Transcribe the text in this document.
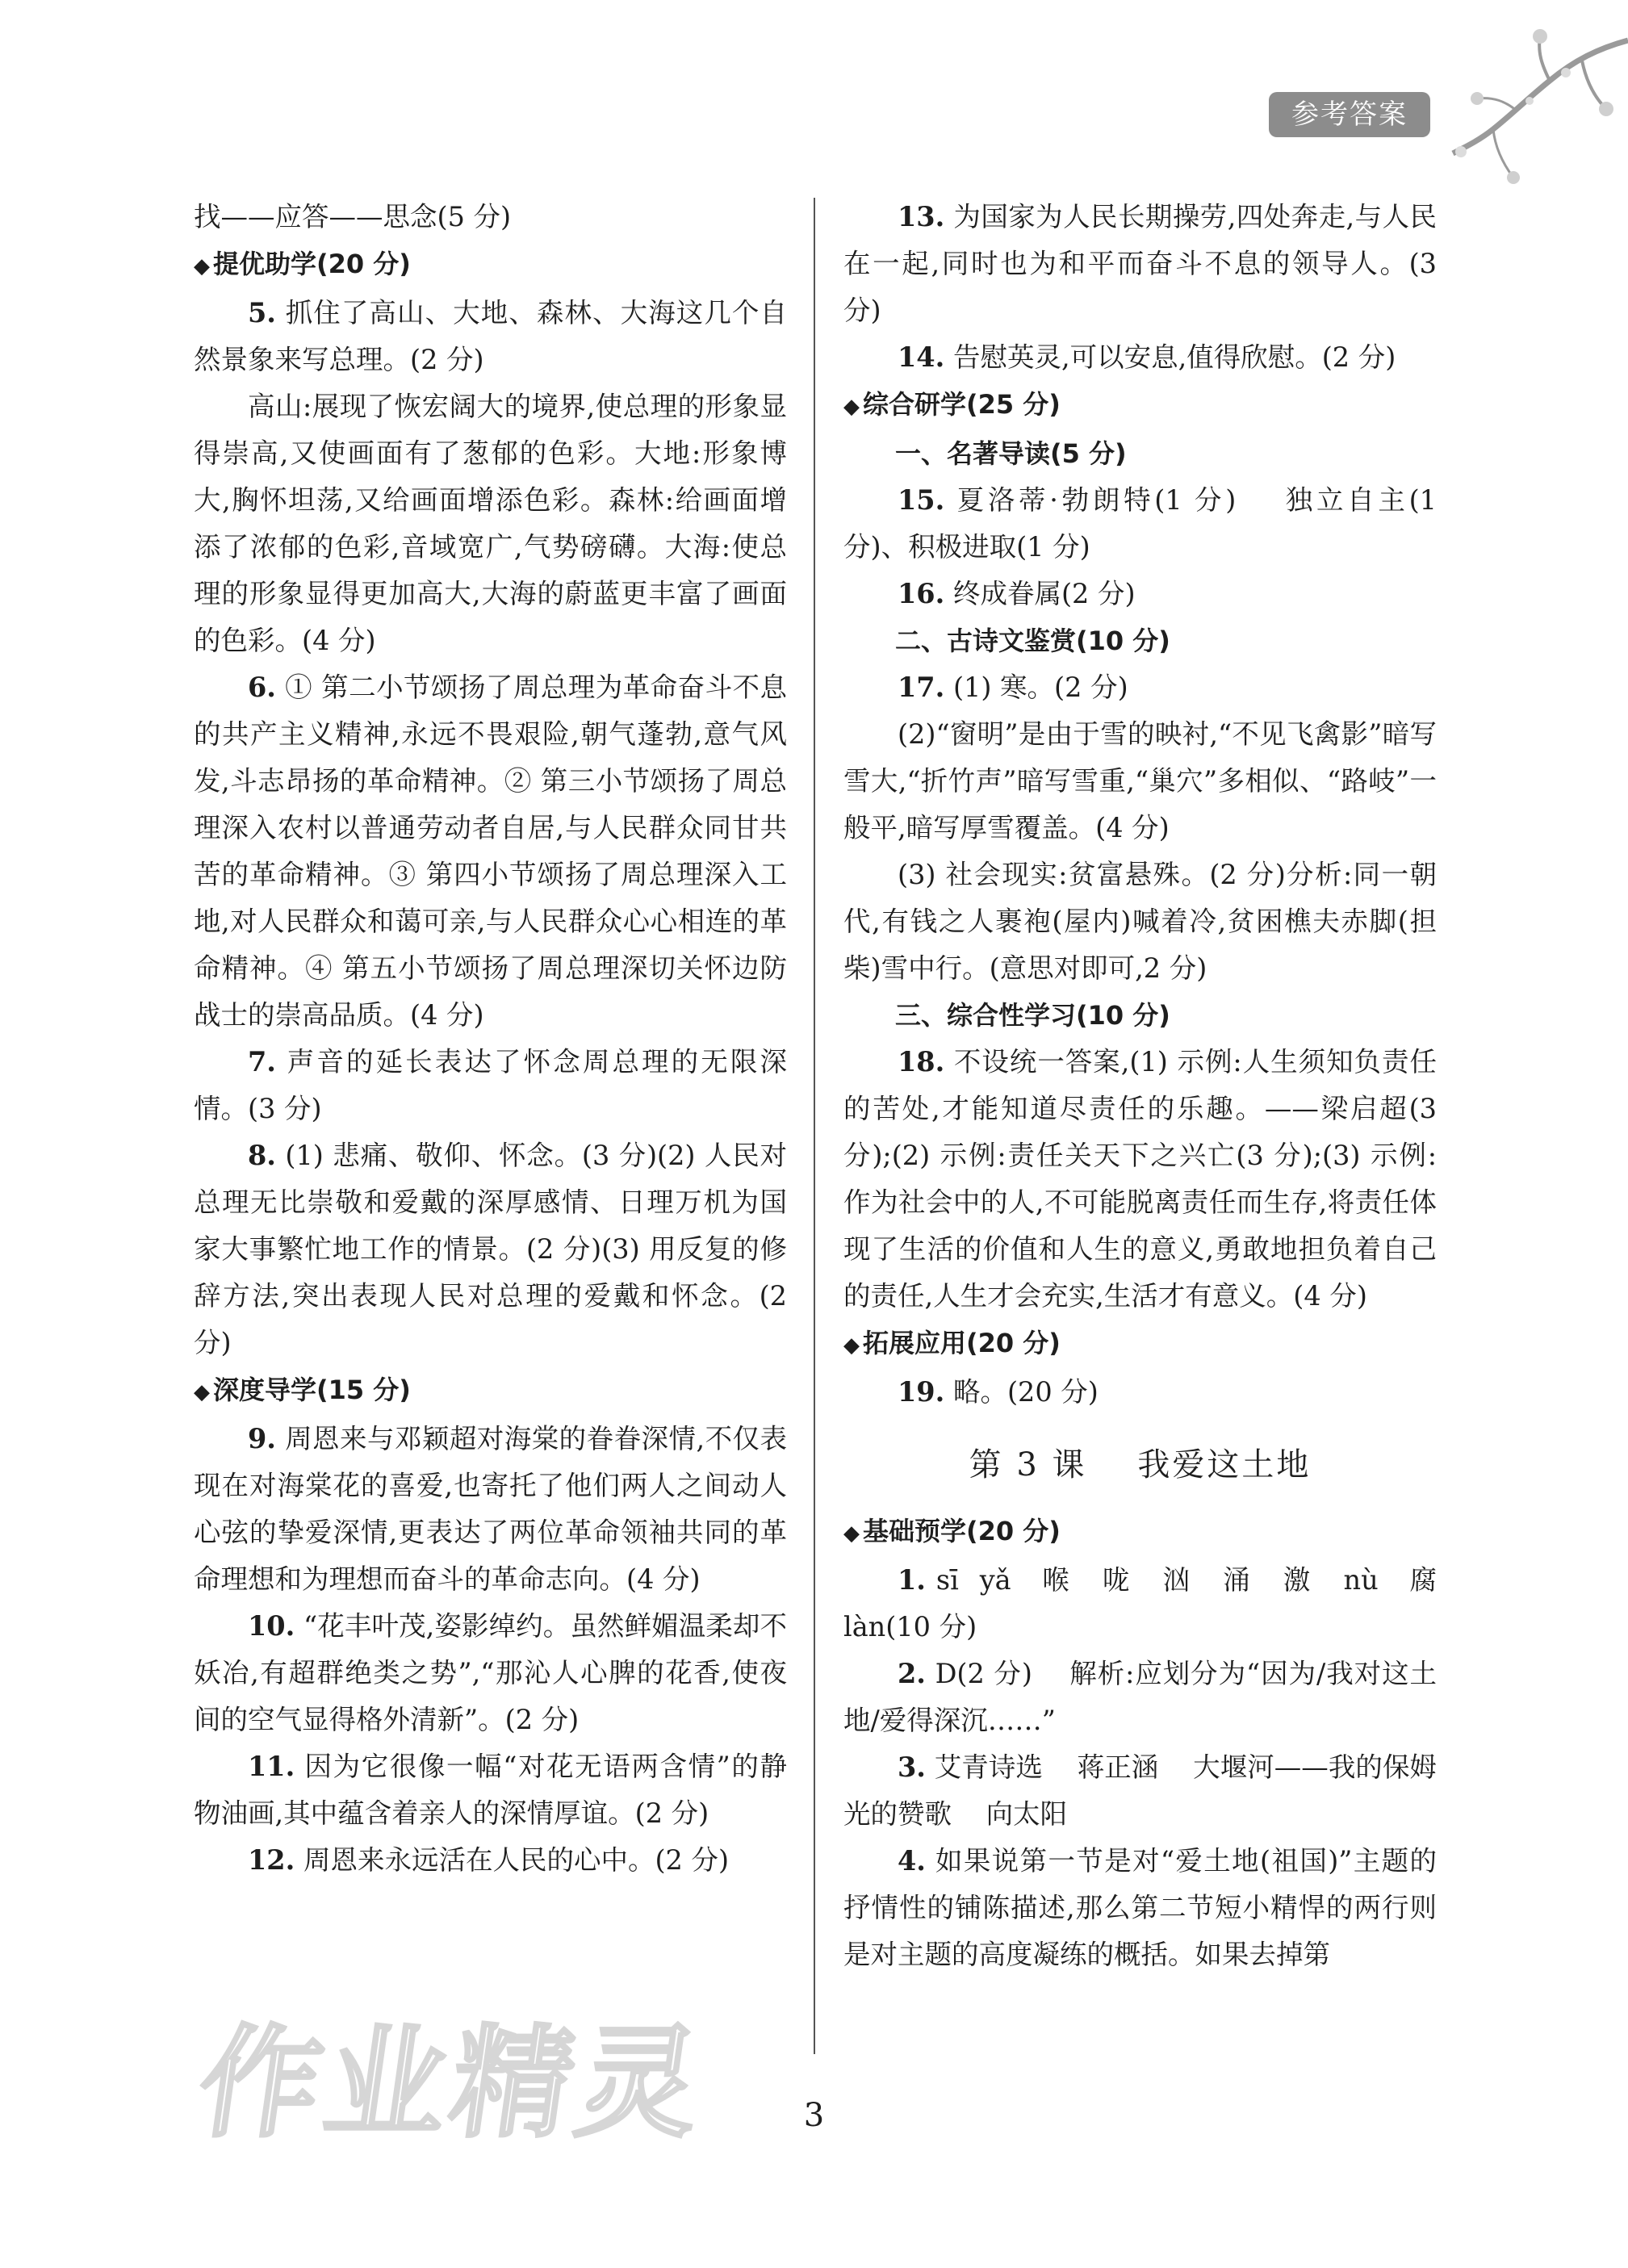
参考答案

找——应答——思念(5 分)

◆ 提优助学(20 分)

5. 抓住了高山、大地、森林、大海这几个自然景象来写总理。(2 分)

高山:展现了恢宏阔大的境界,使总理的形象显得崇高,又使画面有了葱郁的色彩。大地:形象博大,胸怀坦荡,又给画面增添色彩。森林:给画面增添了浓郁的色彩,音域宽广,气势磅礴。大海:使总理的形象显得更加高大,大海的蔚蓝更丰富了画面的色彩。(4 分)

6. ① 第二小节颂扬了周总理为革命奋斗不息的共产主义精神,永远不畏艰险,朝气蓬勃,意气风发,斗志昂扬的革命精神。② 第三小节颂扬了周总理深入农村以普通劳动者自居,与人民群众同甘共苦的革命精神。③ 第四小节颂扬了周总理深入工地,对人民群众和蔼可亲,与人民群众心心相连的革命精神。④ 第五小节颂扬了周总理深切关怀边防战士的崇高品质。(4 分)

7. 声音的延长表达了怀念周总理的无限深情。(3 分)

8. (1) 悲痛、敬仰、怀念。(3 分)(2) 人民对总理无比崇敬和爱戴的深厚感情、日理万机为国家大事繁忙地工作的情景。(2 分)(3) 用反复的修辞方法,突出表现人民对总理的爱戴和怀念。(2 分)

◆ 深度导学(15 分)

9. 周恩来与邓颖超对海棠的眷眷深情,不仅表现在对海棠花的喜爱,也寄托了他们两人之间动人心弦的挚爱深情,更表达了两位革命领袖共同的革命理想和为理想而奋斗的革命志向。(4 分)

10. “花丰叶茂,姿影绰约。虽然鲜媚温柔却不妖冶,有超群绝类之势”,“那沁人心脾的花香,使夜间的空气显得格外清新”。(2 分)

11. 因为它很像一幅“对花无语两含情”的静物油画,其中蕴含着亲人的深情厚谊。(2 分)

12. 周恩来永远活在人民的心中。(2 分)

13. 为国家为人民长期操劳,四处奔走,与人民在一起,同时也为和平而奋斗不息的领导人。(3 分)

14. 告慰英灵,可以安息,值得欣慰。(2 分)

◆ 综合研学(25 分)

一、名著导读(5 分)

15. 夏洛蒂·勃朗特(1 分)    独立自主(1 分)、积极进取(1 分)

16. 终成眷属(2 分)

二、古诗文鉴赏(10 分)

17. (1) 寒。(2 分)

(2)“窗明”是由于雪的映衬,“不见飞禽影”暗写雪大,“折竹声”暗写雪重,“巢穴”多相似、“路岐”一般平,暗写厚雪覆盖。(4 分)

(3) 社会现实:贫富悬殊。(2 分)分析:同一朝代,有钱之人裹袍(屋内)喊着冷,贫困樵夫赤脚(担柴)雪中行。(意思对即可,2 分)

三、综合性学习(10 分)

18. 不设统一答案,(1) 示例:人生须知负责任的苦处,才能知道尽责任的乐趣。——梁启超(3 分);(2) 示例:责任关天下之兴亡(3 分);(3) 示例:作为社会中的人,不可能脱离责任而生存,将责任体现了生活的价值和人生的意义,勇敢地担负着自己的责任,人生才会充实,生活才有意义。(4 分)

◆ 拓展应用(20 分)

19. 略。(20 分)

第 3 课    我爱这土地

◆ 基础预学(20 分)

1. sī  yǎ   喉   咙   汹   涌   激   nù   腐   làn(10 分)

2. D(2 分)    解析:应划分为“因为/我对这土地/爱得深沉……”

3. 艾青诗选    蒋正涵    大堰河——我的保姆    光的赞歌    向太阳

4. 如果说第一节是对“爱土地(祖国)”主题的抒情性的铺陈描述,那么第二节短小精悍的两行则是对主题的高度凝练的概括。如果去掉第

作业精灵	3
